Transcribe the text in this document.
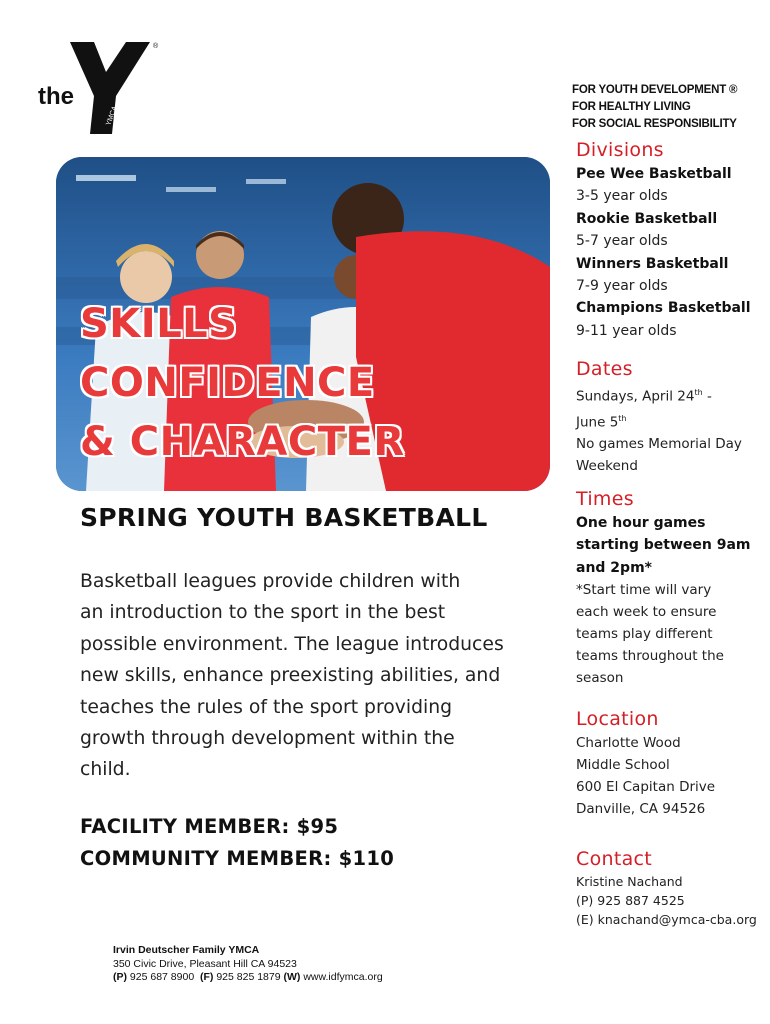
the
YMCA
®
FOR YOUTH DEVELOPMENT ®
FOR HEALTHY LIVING
FOR SOCIAL RESPONSIBILITY
SKILLS
CONFIDENCE
& CHARACTER
SPRING YOUTH BASKETBALL
Basketball leagues provide children with
an introduction to the sport in the best
possible environment. The league introduces
new skills, enhance preexisting abilities, and
teaches the rules of the sport providing
growth through development within the
child.
FACILITY MEMBER: $95
COMMUNITY MEMBER: $110
Irvin Deutscher Family YMCA
350 Civic Drive, Pleasant Hill CA 94523
(P) 925 687 8900 (F) 925 825 1879 (W) www.idfymca.org
Divisions
Pee Wee Basketball
3-5 year olds
Rookie Basketball
5-7 year olds
Winners Basketball
7-9 year olds
Champions Basketball
9-11 year olds
Dates
Sundays, April 24th -
June 5th
No games Memorial Day
Weekend
Times
One hour games
starting between 9am
and 2pm*
*Start time will vary
each week to ensure
teams play different
teams throughout the
season
Location
Charlotte Wood
Middle School
600 El Capitan Drive
Danville, CA 94526
Contact
Kristine Nachand
(P) 925 887 4525
(E) knachand@ymca-cba.org
